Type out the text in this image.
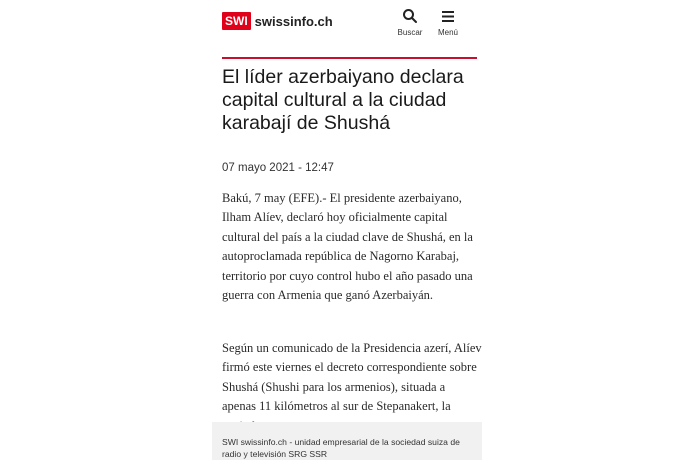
SWI swissinfo.ch
Buscar	Menú
El líder azerbaiyano declara capital cultural a la ciudad karabají de Shushá
07 mayo 2021 - 12:47

Bakú, 7 may (EFE).- El presidente azerbaiyano, Ilham Alíev, declaró hoy oficialmente capital cultural del país a la ciudad clave de Shushá, en la autoproclamada república de Nagorno Karabaj, territorio por cuyo control hubo el año pasado una guerra con Armenia que ganó Azerbaiyán.

Según un comunicado de la Presidencia azerí, Alíev firmó este viernes el decreto correspondiente sobre Shushá (Shushi para los armenios), situada a apenas 11 kilómetros al sur de Stepanakert, la

SWI swissinfo.ch - unidad empresarial de la sociedad suiza de radio y televisión SRG SSR
